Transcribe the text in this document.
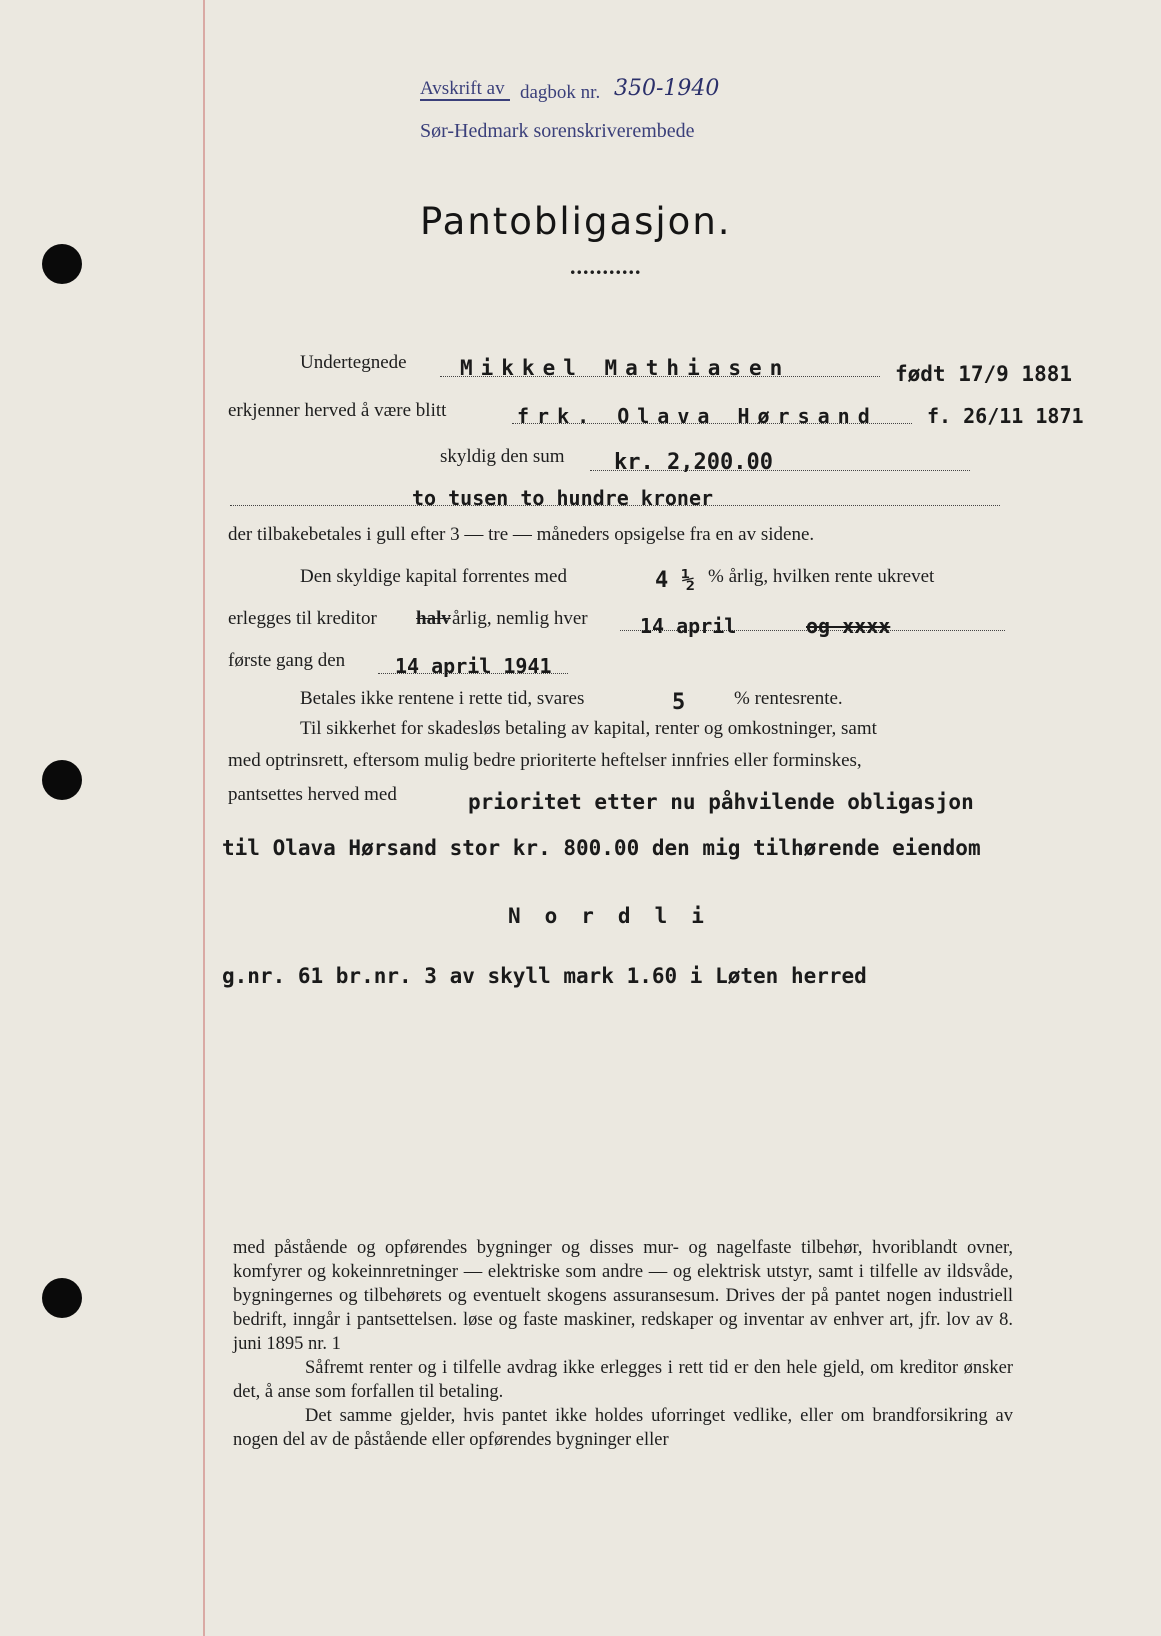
Avskrift av dagbok nr. 350-1940
Sør-Hedmark sorenskriverembede
Pantobligasjon.
...........
Undertegnede	Mikkel Mathiasen	født 17/9 1881
erkjenner herved å være blitt	frk. Olava Hørsand f. 26/11 1871
skyldig den sum kr. 2,200.00
to tusen to hundre kroner
der tilbakebetales i gull efter 3 — tre — måneders opsigelse fra en av sidene.
Den skyldige kapital forrentes med	4 ½ % årlig, hvilken rente ukrevet
erlegges til kreditor halv årlig, nemlig hver	14 april	og xxxx
første gang den 14 april 1941
Betales ikke rentene i rette tid, svares	5	% rentesrente.
Til sikkerhet for skadesløs betaling av kapital, renter og omkostninger, samt
med optrinsrett, eftersom mulig bedre prioriterte heftelser innfries eller forminskes,
pantsettes herved med	prioritet etter nu påhvilende obligasjon
til Olava Hørsand stor kr. 800.00 den mig tilhørende eiendom
Nordli
g.nr. 61 br.nr. 3 av skyll mark 1.60 i Løten herred

med påstående og opførendes bygninger og disses mur- og nagelfaste tilbehør, hvoriblandt ovner, komfyrer og kokeinnretninger — elektriske som andre — og elektrisk utstyr, samt i tilfelle av ildsvåde, bygningernes og tilbehørets og eventuelt skogens assuransesum. Drives der på pantet nogen industriell bedrift, inngår i pantsettelsen. løse og faste maskiner, redskaper og inventar av enhver art, jfr. lov av 8. juni 1895 nr. 1

Såfremt renter og i tilfelle avdrag ikke erlegges i rett tid er den hele gjeld, om kreditor ønsker det, å anse som forfallen til betaling.

Det samme gjelder, hvis pantet ikke holdes uforringet vedlike, eller om brandforsikring av nogen del av de påstående eller opførendes bygninger eller
